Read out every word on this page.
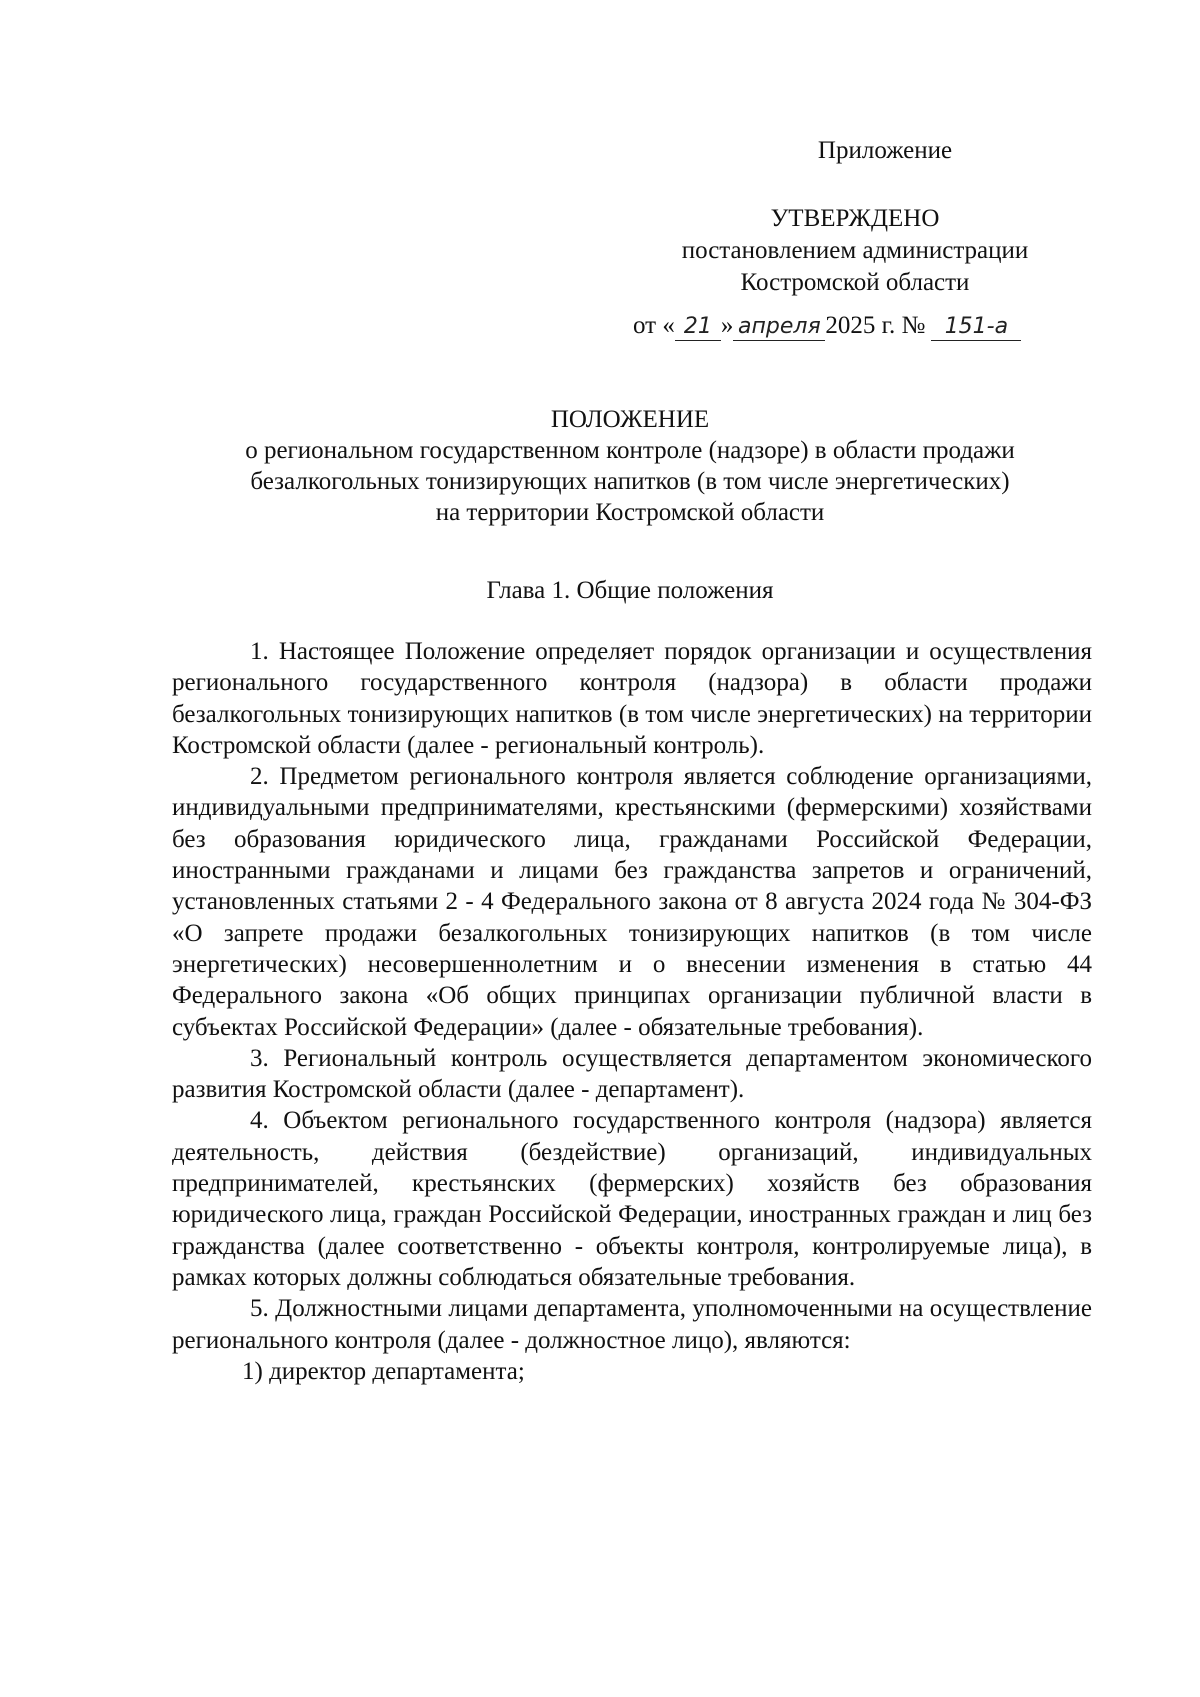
Приложение
УТВЕРЖДЕНО
постановлением администрации
Костромской области
от « 21 » апреля 2025 г. № 151-а
ПОЛОЖЕНИЕ
о региональном государственном контроле (надзоре) в области продажи
безалкогольных тонизирующих напитков (в том числе энергетических)
на территории Костромской области
Глава 1. Общие положения

1. Настоящее Положение определяет порядок организации и осуществления регионального государственного контроля (надзора) в области продажи безалкогольных тонизирующих напитков (в том числе энергетических) на территории Костромской области (далее - региональный контроль).

2. Предметом регионального контроля является соблюдение организациями, индивидуальными предпринимателями, крестьянскими (фермерскими) хозяйствами без образования юридического лица, гражданами Российской Федерации, иностранными гражданами и лицами без гражданства запретов и ограничений, установленных статьями 2 - 4 Федерального закона от 8 августа 2024 года № 304-ФЗ «О запрете продажи безалкогольных тонизирующих напитков (в том числе энергетических) несовершеннолетним и о внесении изменения в статью 44 Федерального закона «Об общих принципах организации публичной власти в субъектах Российской Федерации» (далее - обязательные требования).

3. Региональный контроль осуществляется департаментом экономического развития Костромской области (далее - департамент).

4. Объектом регионального государственного контроля (надзора) является деятельность, действия (бездействие) организаций, индивидуальных предпринимателей, крестьянских (фермерских) хозяйств без образования юридического лица, граждан Российской Федерации, иностранных граждан и лиц без гражданства (далее соответственно - объекты контроля, контролируемые лица), в рамках которых должны соблюдаться обязательные требования.

5. Должностными лицами департамента, уполномоченными на осуществление регионального контроля (далее - должностное лицо), являются:

1) директор департамента;
